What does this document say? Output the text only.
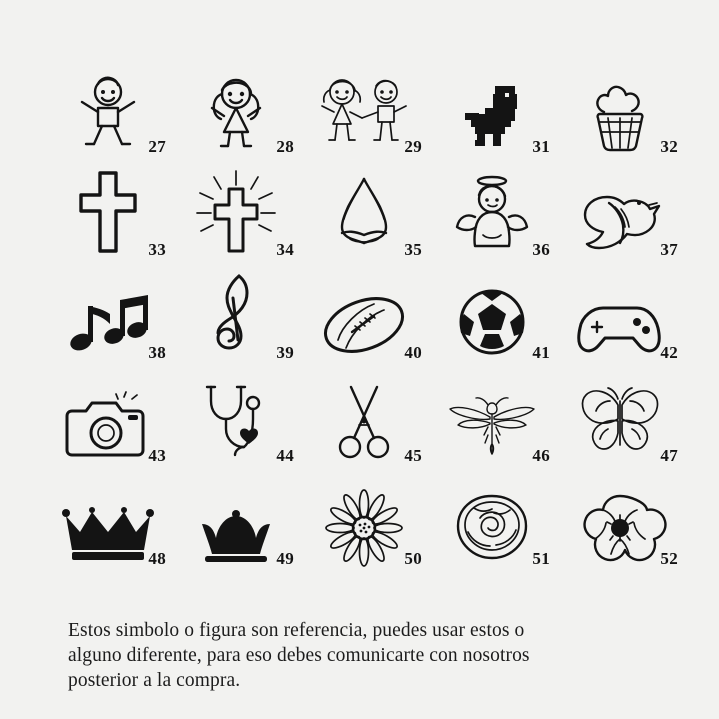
27	28	29	31	32
33	34	35	36	37
38	39	40	41	42
43	44	45	46	47
48	49	50	51	52
Estos simbolo o figura son referencia, puedes usar estos o
alguno diferente, para eso debes comunicarte con nosotros
posterior a la compra.
